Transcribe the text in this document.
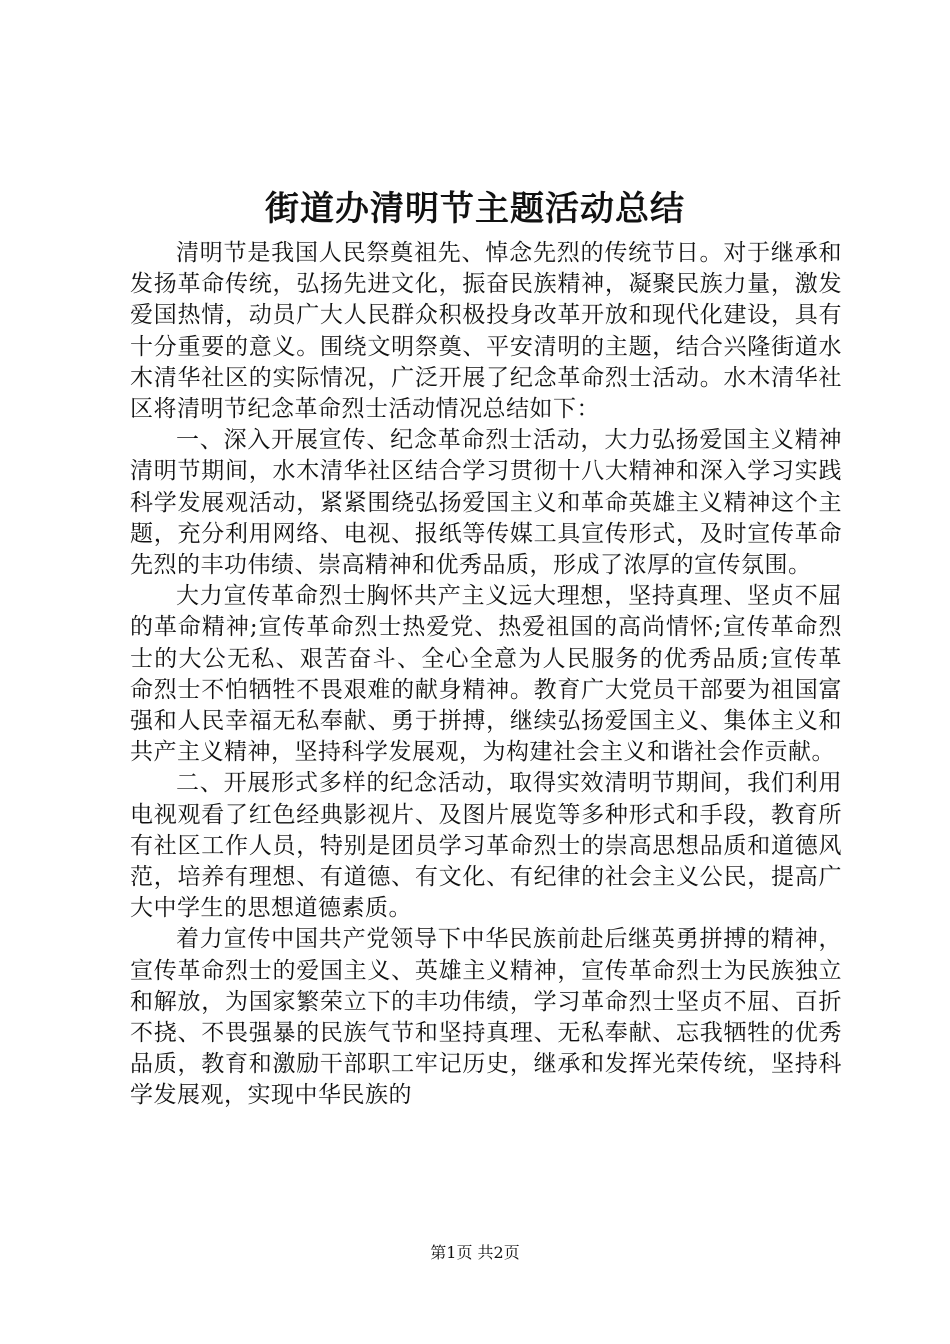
街道办清明节主题活动总结

清明节是我国人民祭奠祖先、悼念先烈的传统节日。对于继承和发扬革命传统，弘扬先进文化，振奋民族精神，凝聚民族力量，激发爱国热情，动员广大人民群众积极投身改革开放和现代化建设，具有十分重要的意义。围绕文明祭奠、平安清明的主题，结合兴隆街道水木清华社区的实际情况，广泛开展了纪念革命烈士活动。水木清华社区将清明节纪念革命烈士活动情况总结如下：

一、深入开展宣传、纪念革命烈士活动，大力弘扬爱国主义精神清明节期间，水木清华社区结合学习贯彻十八大精神和深入学习实践科学发展观活动，紧紧围绕弘扬爱国主义和革命英雄主义精神这个主题，充分利用网络、电视、报纸等传媒工具宣传形式，及时宣传革命先烈的丰功伟绩、崇高精神和优秀品质，形成了浓厚的宣传氛围。

大力宣传革命烈士胸怀共产主义远大理想，坚持真理、坚贞不屈的革命精神;宣传革命烈士热爱党、热爱祖国的高尚情怀;宣传革命烈士的大公无私、艰苦奋斗、全心全意为人民服务的优秀品质;宣传革命烈士不怕牺牲不畏艰难的献身精神。教育广大党员干部要为祖国富强和人民幸福无私奉献、勇于拼搏，继续弘扬爱国主义、集体主义和共产主义精神，坚持科学发展观，为构建社会主义和谐社会作贡献。

二、开展形式多样的纪念活动，取得实效清明节期间，我们利用电视观看了红色经典影视片、及图片展览等多种形式和手段，教育所有社区工作人员，特别是团员学习革命烈士的崇高思想品质和道德风范，培养有理想、有道德、有文化、有纪律的社会主义公民，提高广大中学生的思想道德素质。

着力宣传中国共产党领导下中华民族前赴后继英勇拼搏的精神，宣传革命烈士的爱国主义、英雄主义精神，宣传革命烈士为民族独立和解放，为国家繁荣立下的丰功伟绩，学习革命烈士坚贞不屈、百折不挠、不畏强暴的民族气节和坚持真理、无私奉献、忘我牺牲的优秀品质，教育和激励干部职工牢记历史，继承和发挥光荣传统，坚持科学发展观，实现中华民族的

第1页 共2页
